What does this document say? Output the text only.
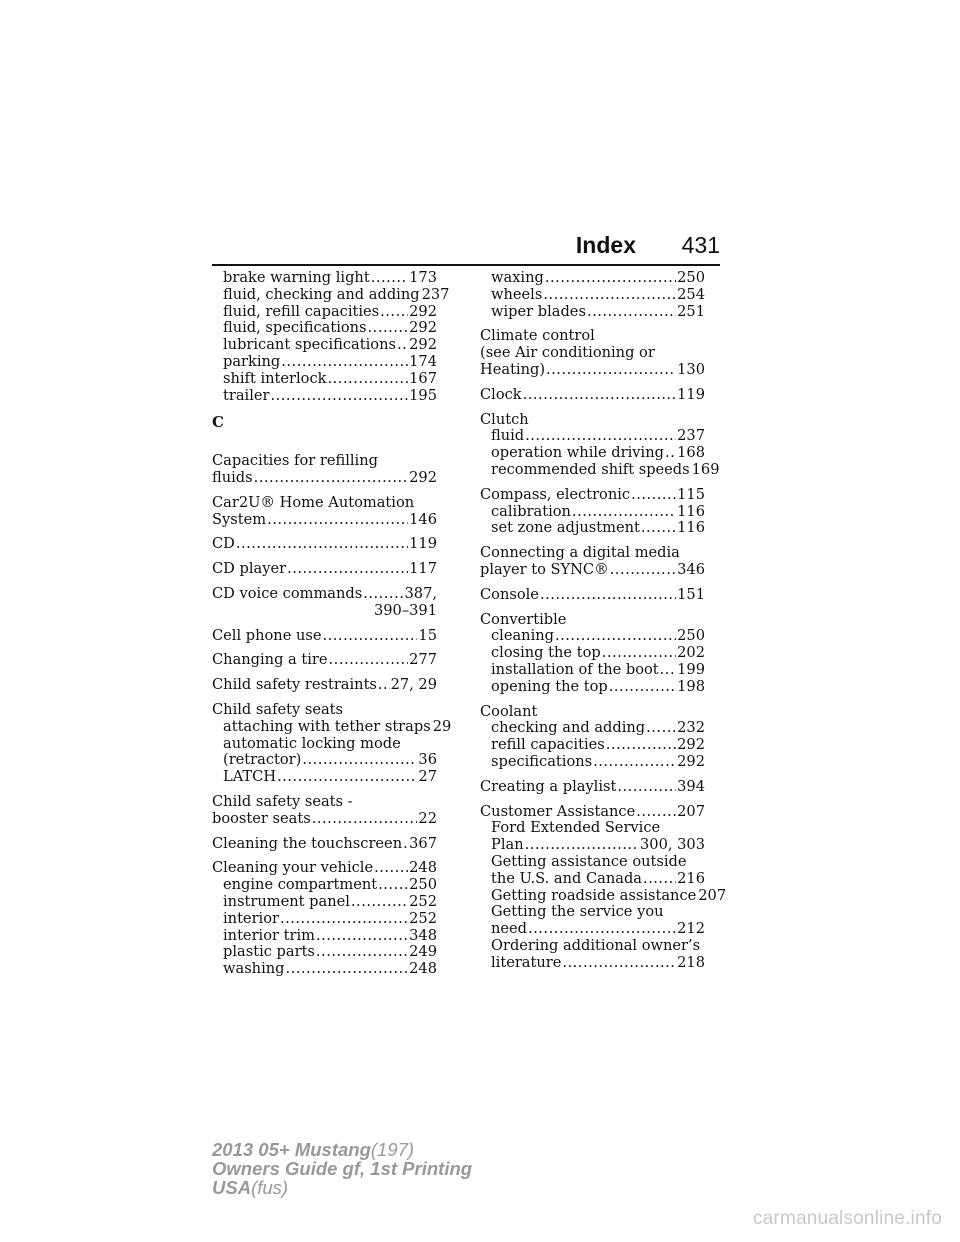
Index 431
brake warning light .....	173
fluid, checking and adding 237
fluid, refill capacities ..... 292
fluid, specifications .....	292
lubricant specifications ..... 292
parking .....	174
shift interlock .....	167
trailer .....	195
C
Capacities for refilling
fluids .....	292
Car2U® Home Automation
System .....	146
CD .....	119
CD player .....	117
CD voice commands .....	387,
390–391
Cell phone use .....	15
Changing a tire .....	277
Child safety restraints ..... 27, 29
Child safety seats
attaching with tether straps 29
automatic locking mode
(retractor) .....	36
LATCH .....	27
Child safety seats -
booster seats .....	22
Cleaning the touchscreen ..... 367
Cleaning your vehicle ..... 248
engine compartment ..... 250
instrument panel .....	252
interior .....	252
interior trim .....	348
plastic parts .....	249
washing .....	248
waxing .....	250
wheels .....	254
wiper blades .....	251
Climate control
(see Air conditioning or
Heating) .....	130
Clock .....	119
Clutch
fluid .....	237
operation while driving ..... 168
recommended shift speeds 169
Compass, electronic .....	115
calibration .....	116
set zone adjustment .....	116
Connecting a digital media
player to SYNC® .....	346
Console .....	151
Convertible
cleaning .....	250
closing the top .....	202
installation of the boot ..... 199
opening the top .....	198
Coolant
checking and adding ..... 232
refill capacities .....	292
specifications .....	292
Creating a playlist .....	394
Customer Assistance .....	207
Ford Extended Service
Plan .....	300, 303
Getting assistance outside
the U.S. and Canada ..... 216
Getting roadside assistance 207
Getting the service you
need .....	212
Ordering additional owner’s
literature .....	218
2013 05+ Mustang(197)
Owners Guide gf, 1st Printing
USA(fus)
carmanualsonline.info
